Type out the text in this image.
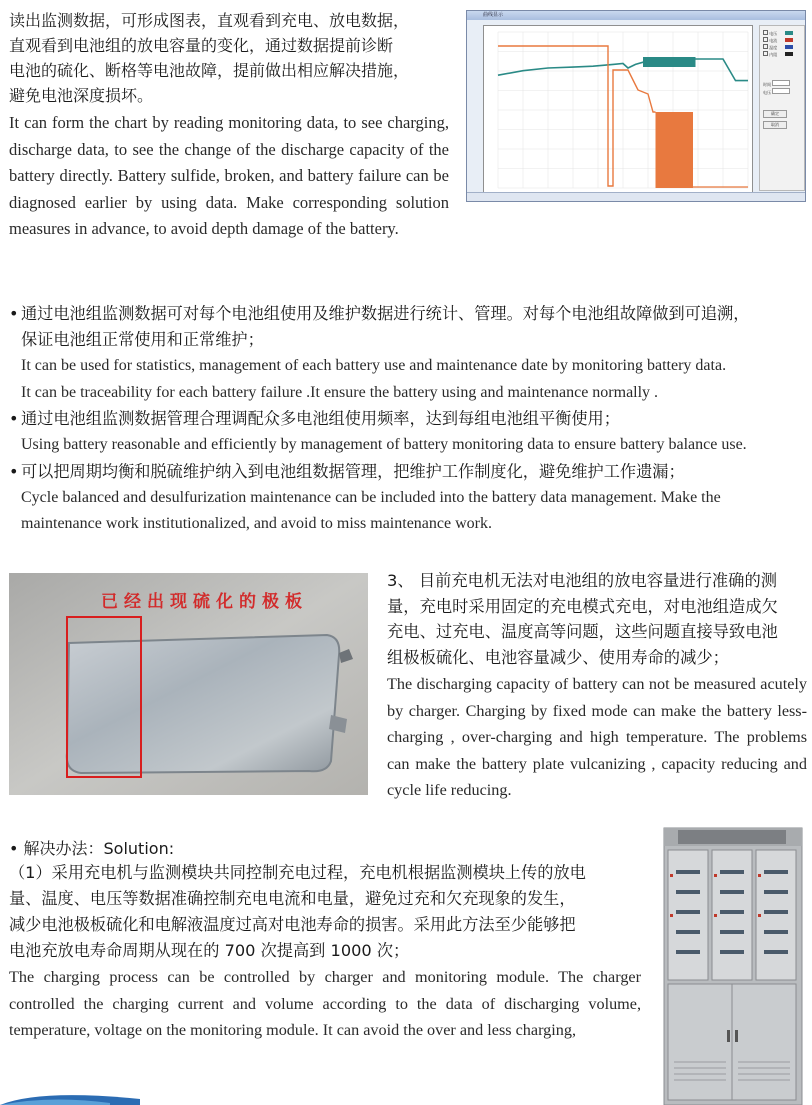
读出监测数据，可形成图表，直观看到充电、放电数据，
直观看到电池组的放电容量的变化，通过数据提前诊断
电池的硫化、断格等电池故障，提前做出相应解决措施，
避免电池深度损坏。
It can form the chart by reading monitoring data, to see charging, discharge data, to see the change of the discharge capacity of the battery directly. Battery sulfide, broken, and battery failure can be diagnosed earlier by using data. Make corresponding solution measures in advance, to avoid depth damage of the battery.
曲线显示
电压
电流
温度
内阻
时间
电压
确定
取消
• 通过电池组监测数据可对每个电池组使用及维护数据进行统计、管理。对每个电池组故障做到可追溯，
保证电池组正常使用和正常维护；
It can be used for statistics, management of each battery use and maintenance date by monitoring battery data.
It can be traceability for each battery failure .It ensure the battery using and maintenance normally .
• 通过电池组监测数据管理合理调配众多电池组使用频率，达到每组电池组平衡使用；
Using battery reasonable and efficiently by management of battery monitoring data to ensure battery balance use.
• 可以把周期均衡和脱硫维护纳入到电池组数据管理，把维护工作制度化，避免维护工作遗漏；
Cycle balanced and desulfurization maintenance can be included into the battery data management. Make the
maintenance work institutionalized, and avoid to miss maintenance work.
已经出现硫化的极板
3、 目前充电机无法对电池组的放电容量进行准确的测
量，充电时采用固定的充电模式充电，对电池组造成欠
充电、过充电、温度高等问题，这些问题直接导致电池
组极板硫化、电池容量减少、使用寿命的减少；
The discharging capacity of battery can not be measured acutely by charger. Charging by fixed mode can make the battery less-charging , over-charging and high temperature. The problems can make the battery plate vulcanizing , capacity reducing and cycle life reducing.
• 解决办法：Solution:
（1）采用充电机与监测模块共同控制充电过程，充电机根据监测模块上传的放电
量、温度、电压等数据准确控制充电电流和电量，避免过充和欠充现象的发生，
减少电池极板硫化和电解液温度过高对电池寿命的损害。采用此方法至少能够把
电池充放电寿命周期从现在的 700 次提高到 1000 次；
The charging process can be controlled by charger and monitoring module. The charger controlled the charging current and volume according to the data of discharging volume, temperature, voltage on the monitoring module. It can avoid the over and less charging,
